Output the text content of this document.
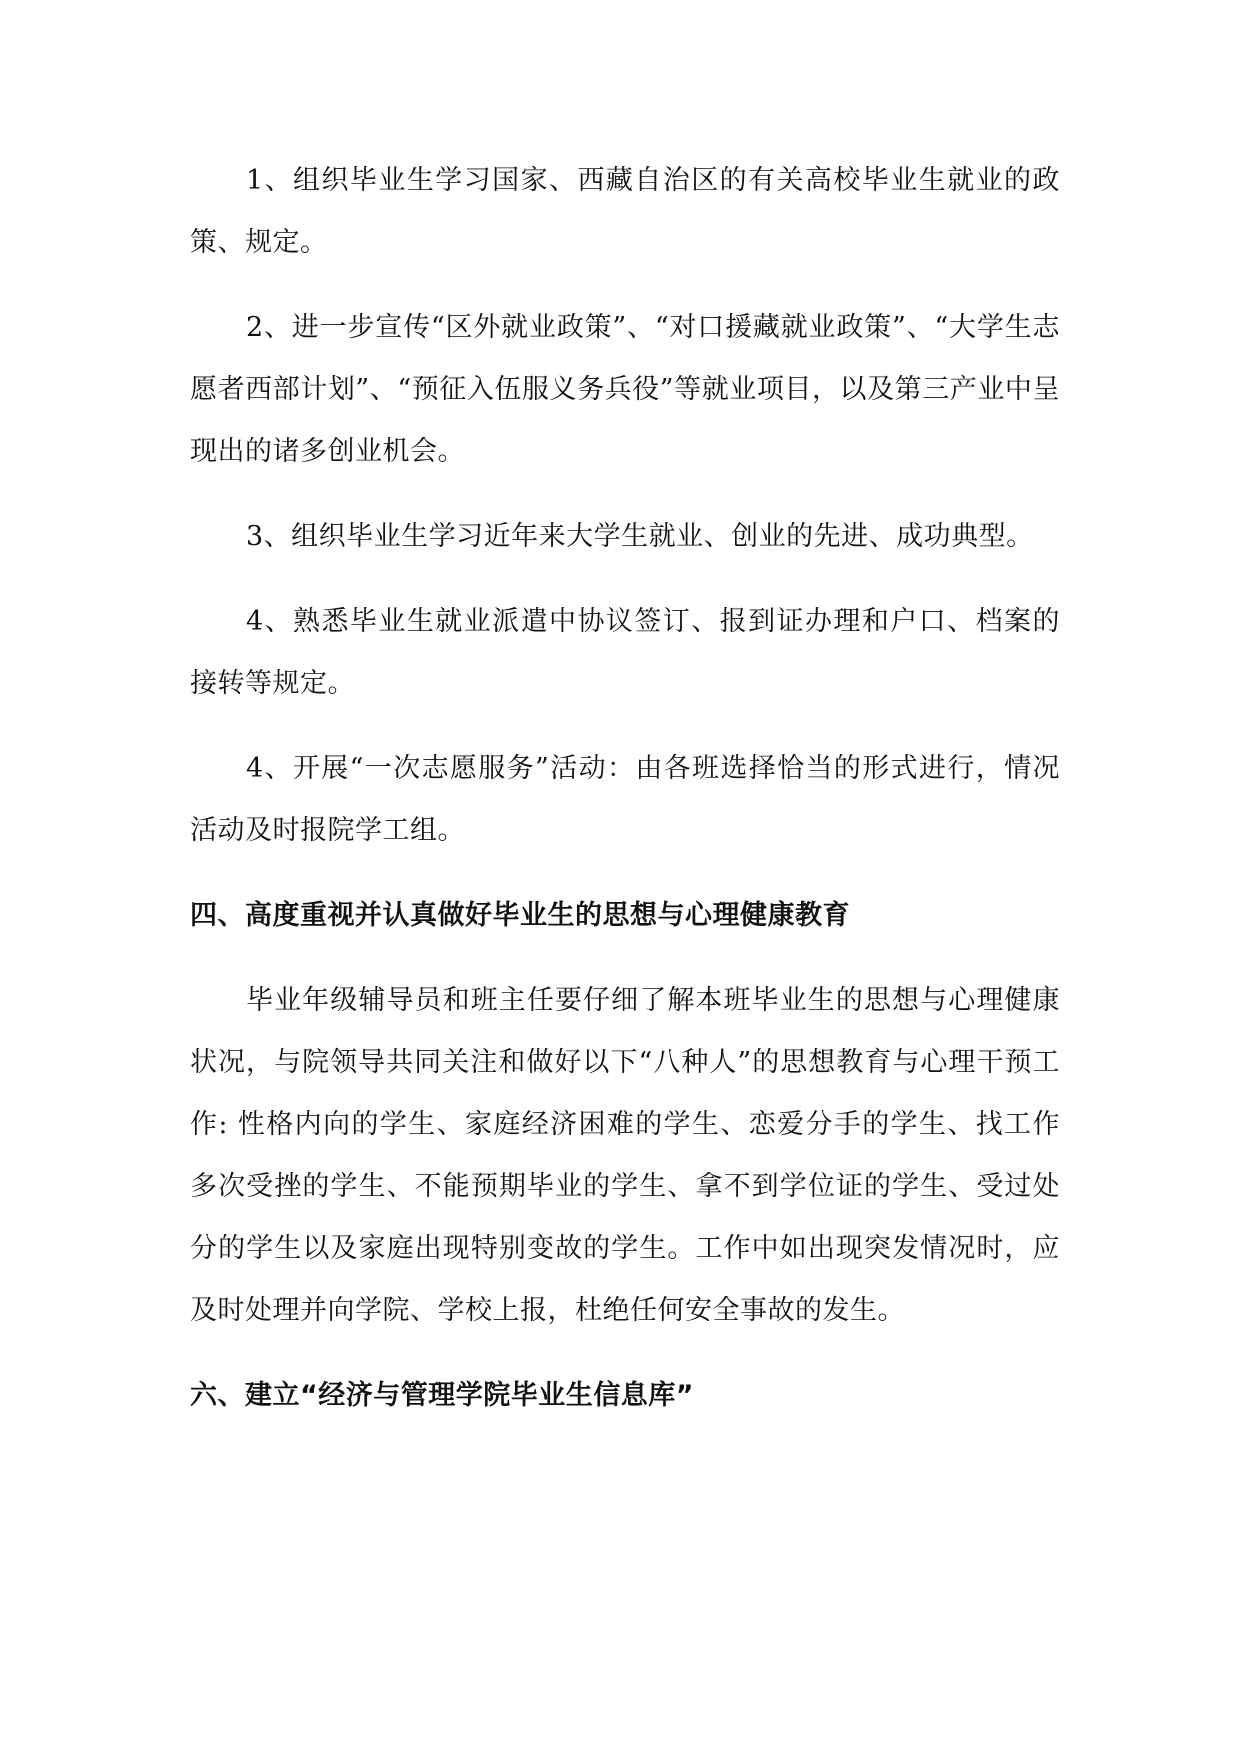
1、组织毕业生学习国家、西藏自治区的有关高校毕业生就业的政策、规定。

2、进一步宣传“区外就业政策”、“对口援藏就业政策”、“大学生志愿者西部计划”、“预征入伍服义务兵役”等就业项目，以及第三产业中呈现出的诸多创业机会。

3、组织毕业生学习近年来大学生就业、创业的先进、成功典型。

4、熟悉毕业生就业派遣中协议签订、报到证办理和户口、档案的接转等规定。

4、开展“一次志愿服务”活动：由各班选择恰当的形式进行，情况活动及时报院学工组。

四、高度重视并认真做好毕业生的思想与心理健康教育

毕业年级辅导员和班主任要仔细了解本班毕业生的思想与心理健康状况，与院领导共同关注和做好以下“八种人”的思想教育与心理干预工作: 性格内向的学生、家庭经济困难的学生、恋爱分手的学生、找工作多次受挫的学生、不能预期毕业的学生、拿不到学位证的学生、受过处分的学生以及家庭出现特别变故的学生。工作中如出现突发情况时，应及时处理并向学院、学校上报，杜绝任何安全事故的发生。

六、建立“经济与管理学院毕业生信息库”
